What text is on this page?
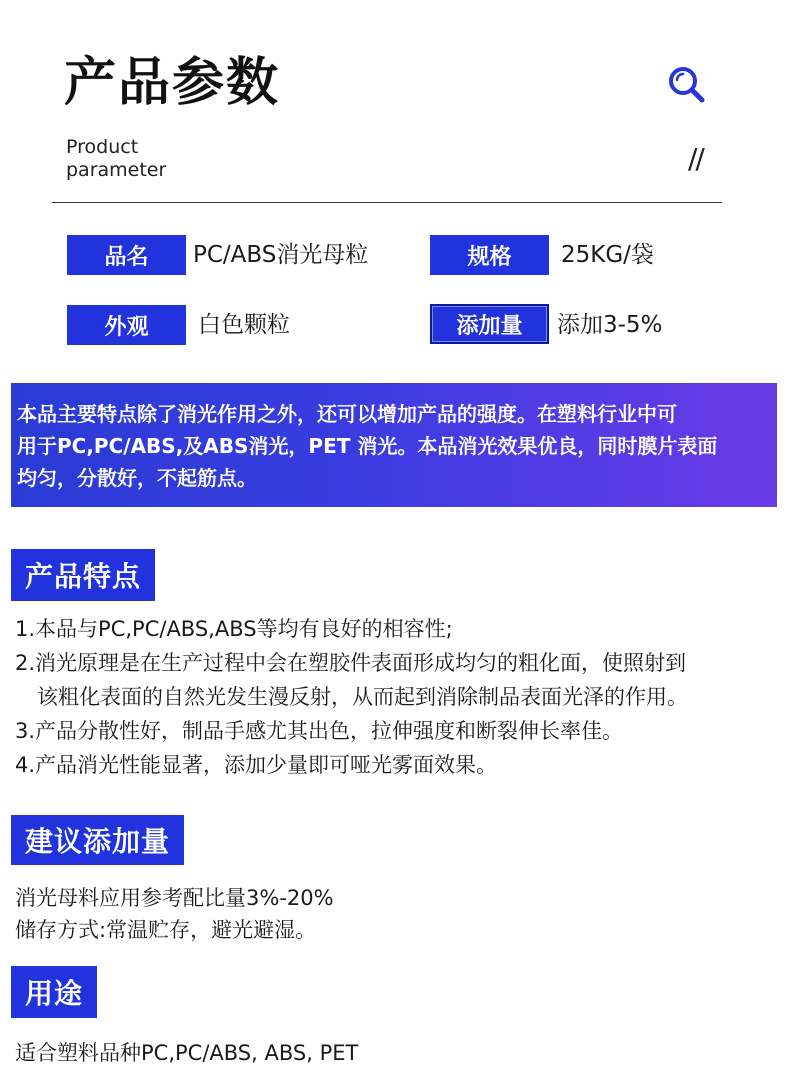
产品参数
Product
parameter	//
品名	PC/ABS消光母粒	规格	25KG/袋
外观	白色颗粒	添加量	添加3-5%
本品主要特点除了消光作用之外，还可以增加产品的强度。在塑料行业中可
用于PC,PC/ABS,及ABS消光，PET 消光。本品消光效果优良，同时膜片表面
均匀，分散好，不起筋点。
产品特点
1.本品与PC,PC/ABS,ABS等均有良好的相容性;
2.消光原理是在生产过程中会在塑胶件表面形成均匀的粗化面，使照射到
该粗化表面的自然光发生漫反射，从而起到消除制品表面光泽的作用。
3.产品分散性好，制品手感尤其出色，拉伸强度和断裂伸长率佳。
4.产品消光性能显著，添加少量即可哑光雾面效果。
建议添加量
消光母料应用参考配比量3%-20%
储存方式:常温贮存，避光避湿。
用途
适合塑料品种PC,PC/ABS, ABS, PET
